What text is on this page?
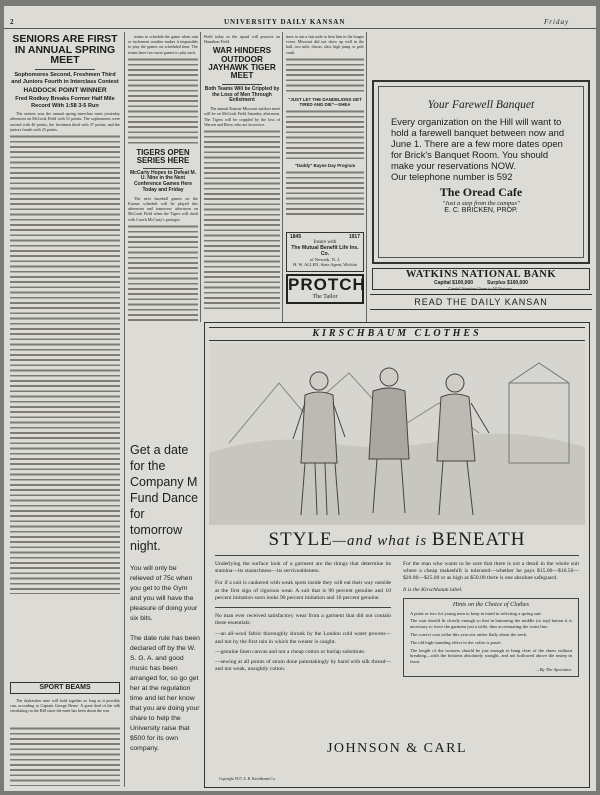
2	UNIVERSITY DAILY KANSAN	Friday
SENIORS ARE FIRST IN ANNUAL SPRING MEET
Sophomores Second, Freshmen Third and Juniors Fourth in Interclass Contest
HADDOCK POINT WINNER
Fred Rodkey Breaks Former Half Mile Record With 1:58 3-5 Run

The seniors won the annual spring interclass meet yesterday afternoon on McCook Field with 51 points. The sophomores were second with 46 points, the freshmen third with 37 points, and the juniors fourth with 25 points.

SPORT BEAMS

The Jayhawker nine will hold together as long as it possibly can, according to Captain George Reese. A great deal of the talk circulating on the Hill since the meet has been about the war.

teams to schedule the game when rain or inclement weather makes it impossible to play the games on scheduled time. The teams have two more games to play each.

TIGERS OPEN SERIES HERE
McCarty Hopes to Defeat M. U. Nine in the Next Conference Games Here Today and Friday

The next baseball games on the Kansas schedule will be played this afternoon and tomorrow afternoon on McCook Field when the Tigers will clash with Coach McCarty's proteges.

Field today as the squad will practice on Hamilton Field.

WAR HINDERS OUTDOOR JAYHAWK TIGER MEET
Both Teams Will be Crippled by the Loss of Men Through Enlistment

The annual Kansas-Missouri outdoor meet will be on McCook Field Saturday afternoon. The Tigers will be crippled by the loss of Warren and Berry who are in service.

have to run a fast mile to beat him in the longer event. Missouri did not show up well in the half, two mile, discus, shot, high jump, or pole vault.

"JUST LET THE DANDELIONS GET TIRED AND DIE"—SHEA
"Daddy" Bayne Day Program
1845	1917
Insure with
The Mutual Benefit Life Ins. Co.
of Newark, N. J.
H. W. ALLEN, State Agent, Wichita
PROTCH
The Tailor
Your Farewell Banquet
Every organization on the Hill will want to hold a farewell banquet between now and June 1. There are a few more dates open for Brick's Banquet Room. You should make your reservations NOW.
Our telephone number is 592
The Oread Cafe
"Just a step from the campus"
E. C. BRICKEN, PROP.
WATKINS NATIONAL BANK
Capital $100,000	Surplus $100,000
Careful Attention Given to All Business.
READ THE DAILY KANSAN
KIRSCHBAUM CLOTHES
STYLE—and what is BENEATH

Underlying the surface look of a garment are the things that determine its stamina—its staunchness—its serviceableness.

For if a suit is cankered with weak spots inside they will eat their way outside at the first sign of rigorous wear. A suit that is 90 percent genuine and 10 percent imitation soon looks 90 percent imitation and 10 percent genuine.

No man ever received satisfactory wear from a garment that did not contain these essentials:

—an all-wool fabric thoroughly shrunk by the London cold water process—and not by the first rain in which the wearer is caught.

—genuine linen canvas and not a cheap cotton or burlap substitute.

—sewing at all points of strain done painstakingly by hand with silk thread—and not weak, unsightly cotton.

For the man who wants to be sure that there is not a detail in the whole suit where a cheap makeshift is tolerated—whether he pays $15.00—$16.50—$20.00—$25.00 or as high as $50.00 there is one absolute safeguard.

It is the Kirschbaum label.

Hints on the Choice of Clothes

A point or two for young men to keep in mind in selecting a spring suit:

The coat should fit closely enough so that in buttoning the middle (or top) button it is necessary to force the garment just a trifle, thus accentuating the waist line.

The correct coat collar this year sits rather flatly about the neck.

The old high-standing effect in the collar is passé.

The length of the trousers should be just enough to hang clear of the shoes without breaking—with the bottoms absolutely straight, and not hollowed above the instep in front.

—By The Spectator.

JOHNSON & CARL
Copyright 1917, A. B. Kirschbaum Co.
Get a date for the Company M Fund Dance for tomorrow night.
You will only be relieved of 75c when you get to the Gym and you will have the pleasure of doing your six bits.
The date rule has been declared off by the W. S. G. A. and good music has been arranged for, so go get her at the regulation time and let her know that you are doing your share to help the University raise that $500 for its own company.
